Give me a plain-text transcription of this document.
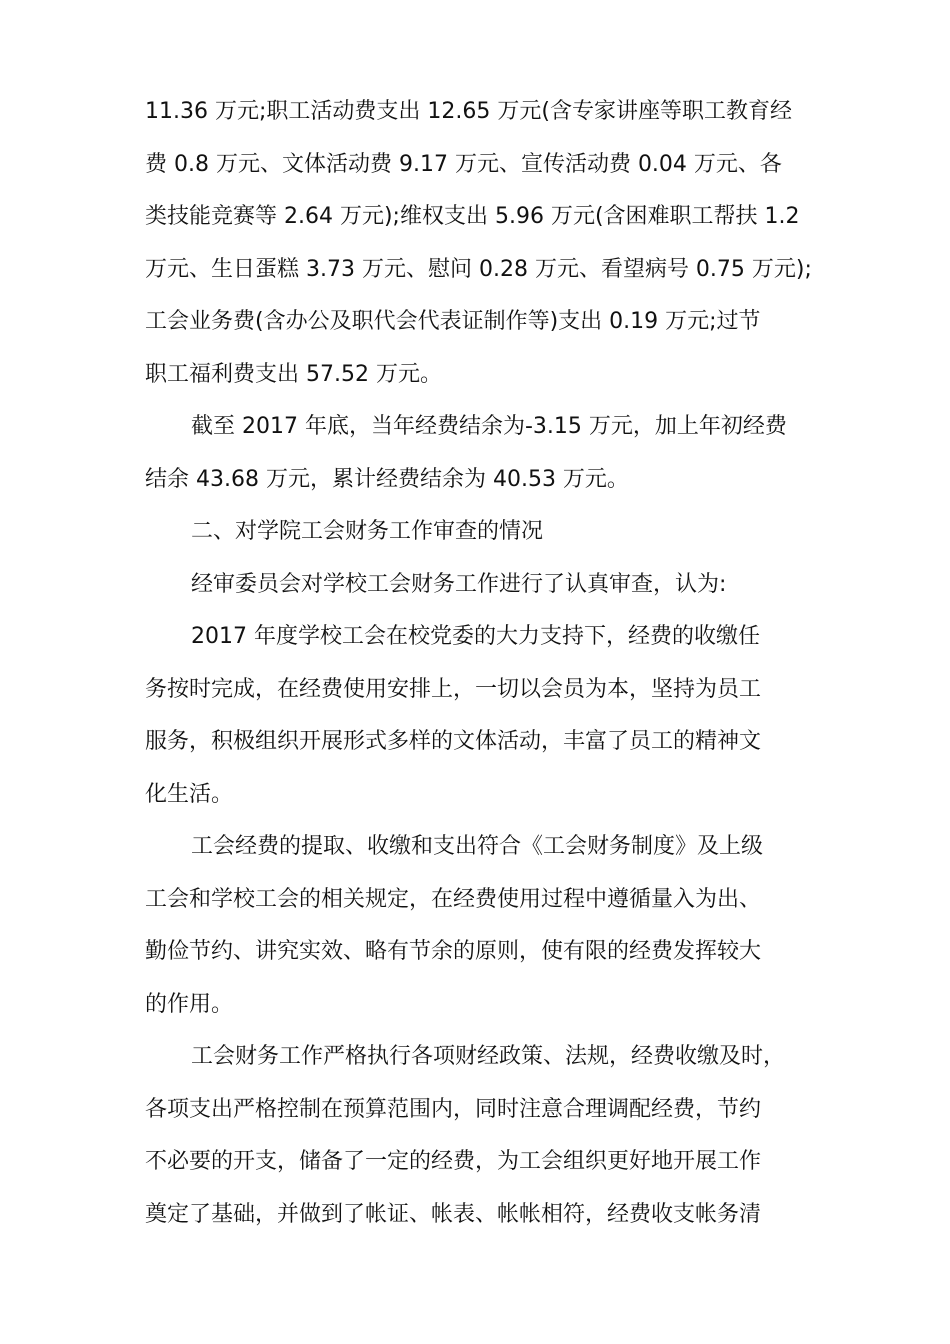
11.36 万元;职工活动费支出 12.65 万元(含专家讲座等职工教育经
费 0.8 万元、文体活动费 9.17 万元、宣传活动费 0.04 万元、各
类技能竞赛等 2.64 万元);维权支出 5.96 万元(含困难职工帮扶 1.2
万元、生日蛋糕 3.73 万元、慰问 0.28 万元、看望病号 0.75 万元);
工会业务费(含办公及职代会代表证制作等)支出 0.19 万元;过节
职工福利费支出 57.52 万元。

截至 2017 年底，当年经费结余为-3.15 万元，加上年初经费
结余 43.68 万元，累计经费结余为 40.53 万元。

二、对学院工会财务工作审查的情况

经审委员会对学校工会财务工作进行了认真审查，认为:

2017 年度学校工会在校党委的大力支持下，经费的收缴任
务按时完成，在经费使用安排上，一切以会员为本，坚持为员工
服务，积极组织开展形式多样的文体活动，丰富了员工的精神文
化生活。

工会经费的提取、收缴和支出符合《工会财务制度》及上级
工会和学校工会的相关规定，在经费使用过程中遵循量入为出、
勤俭节约、讲究实效、略有节余的原则，使有限的经费发挥较大
的作用。

工会财务工作严格执行各项财经政策、法规，经费收缴及时，
各项支出严格控制在预算范围内，同时注意合理调配经费，节约
不必要的开支，储备了一定的经费，为工会组织更好地开展工作
奠定了基础，并做到了帐证、帐表、帐帐相符，经费收支帐务清
